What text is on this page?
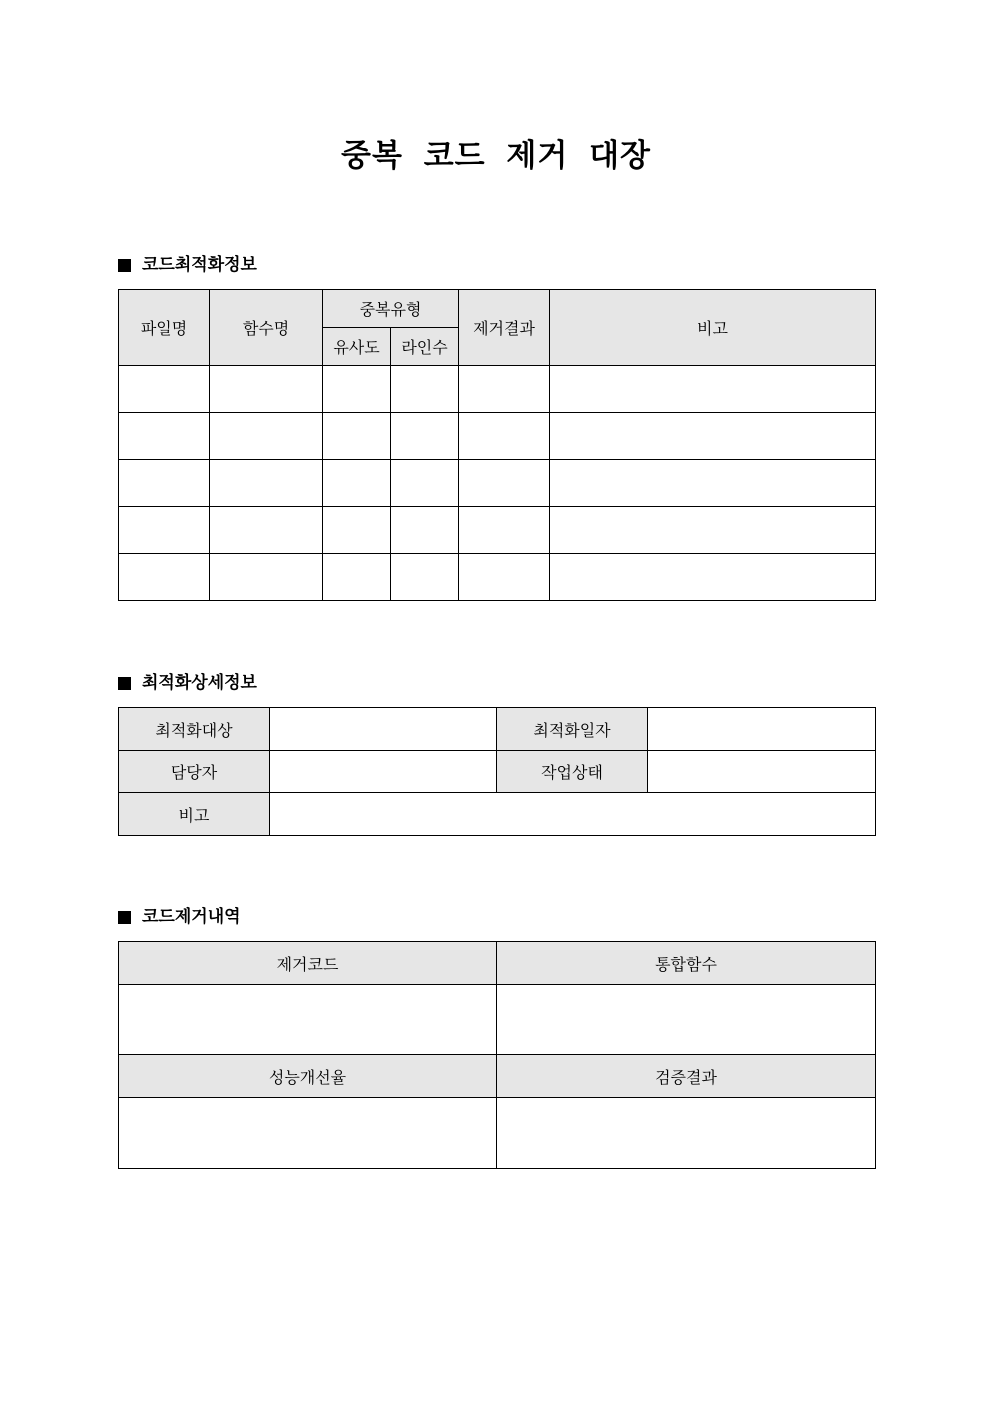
중복 코드 제거 대장
코드최적화정보
파일명	함수명	중복유형		제거결과	비고
		유사도	라인수		

최적화상세정보
최적화대상		최적화일자	
담당자		작업상태	
비고			
코드제거내역
제거코드	통합함수

성능개선율	검증결과
